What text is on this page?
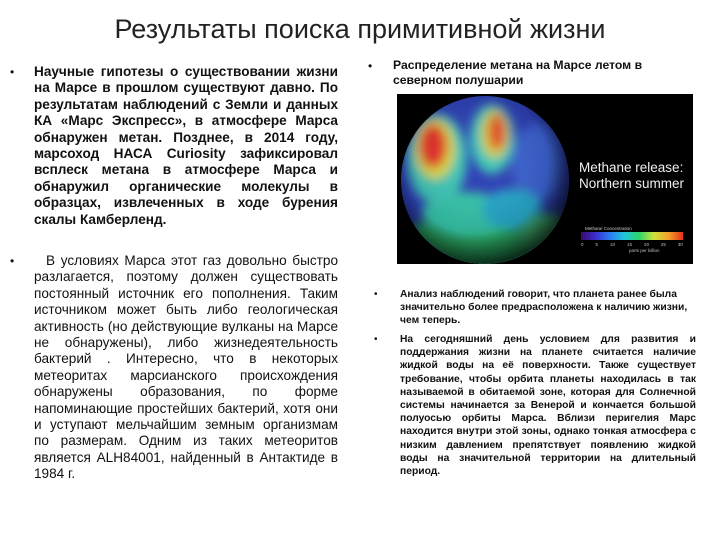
Результаты поиска примитивной жизни
• Научные гипотезы о существовании жизни на Марсе в прошлом существуют давно. По результатам наблюдений с Земли и данных КА «Марс Экспресс», в атмосфере Марса обнаружен метан. Позднее, в 2014 году, марсоход НАСА Curiosity зафиксировал всплеск метана в атмосфере Марса и обнаружил органические молекулы в образцах, извлеченных в ходе бурения скалы Камберленд.
•	В условиях Марса этот газ довольно быстро разлагается, поэтому должен существовать постоянный источник его пополнения. Таким источником может быть либо геологическая активность (но действующие вулканы на Марсе не обнаружены), либо жизнедеятельность бактерий . Интересно, что в некоторых метеоритах марсианского происхождения обнаружены образования, по форме напоминающие простейших бактерий, хотя они и уступают мельчайшим земным организмам по размерам. Одним из таких метеоритов является ALH84001, найденный в Антактиде в 1984 г.
• Распределение метана на Марсе летом в северном полушарии
Methane release:
Northern summer
Methane Concentration
0	5	10	15	20	25	30
parts per billion
• Анализ наблюдений говорит, что планета ранее была значительно более предрасположена к наличию жизни, чем теперь.
• На сегодняшний день условием для развития и поддержания жизни на планете считается наличие жидкой воды на её поверхности. Также существует требование, чтобы орбита планеты находилась в так называемой в обитаемой зоне, которая для Солнечной системы начинается за Венерой и кончается большой полуосью орбиты Марса. Вблизи перигелия Марс находится внутри этой зоны, однако тонкая атмосфера с низким давлением препятствует появлению жидкой воды на значительной территории на длительный период.
